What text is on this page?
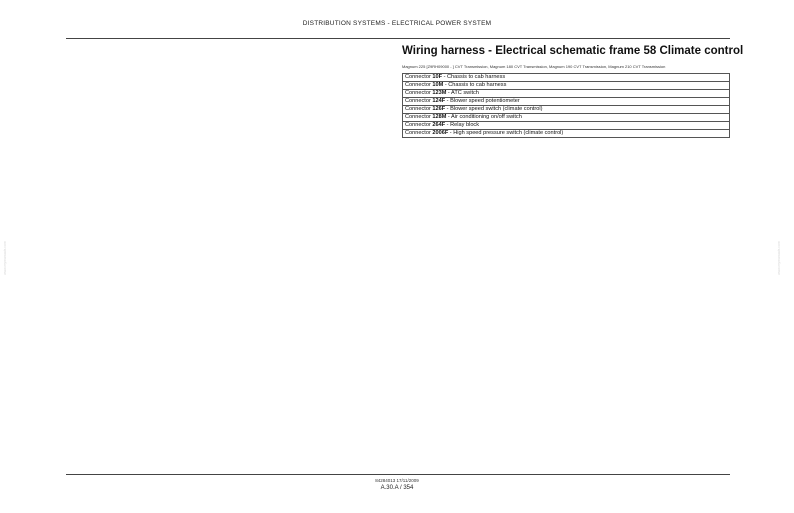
DISTRIBUTION SYSTEMS - ELECTRICAL POWER SYSTEM
Wiring harness - Electrical schematic frame 58 Climate control
Magnum 225 [Z9RH09000 - ] CVT Transmission, Magnum 180 CVT Transmission, Magnum 190 CVT Transmission, Magnum 210 CVT Transmission
Connector 10F - Chassis to cab harness
Connector 10M - Chassis to cab harness
Connector 123M - ATC switch
Connector 124F - Blower speed potentiometer
Connector 126F - Blower speed switch (climate control)
Connector 128M - Air conditioning on/off switch
Connector 264F - Relay block
Connector 2006F - High speed pressure switch (climate control)
www.mymanuals.com	www.mymanuals.com
84284013 17/11/2009
A.30.A / 354
